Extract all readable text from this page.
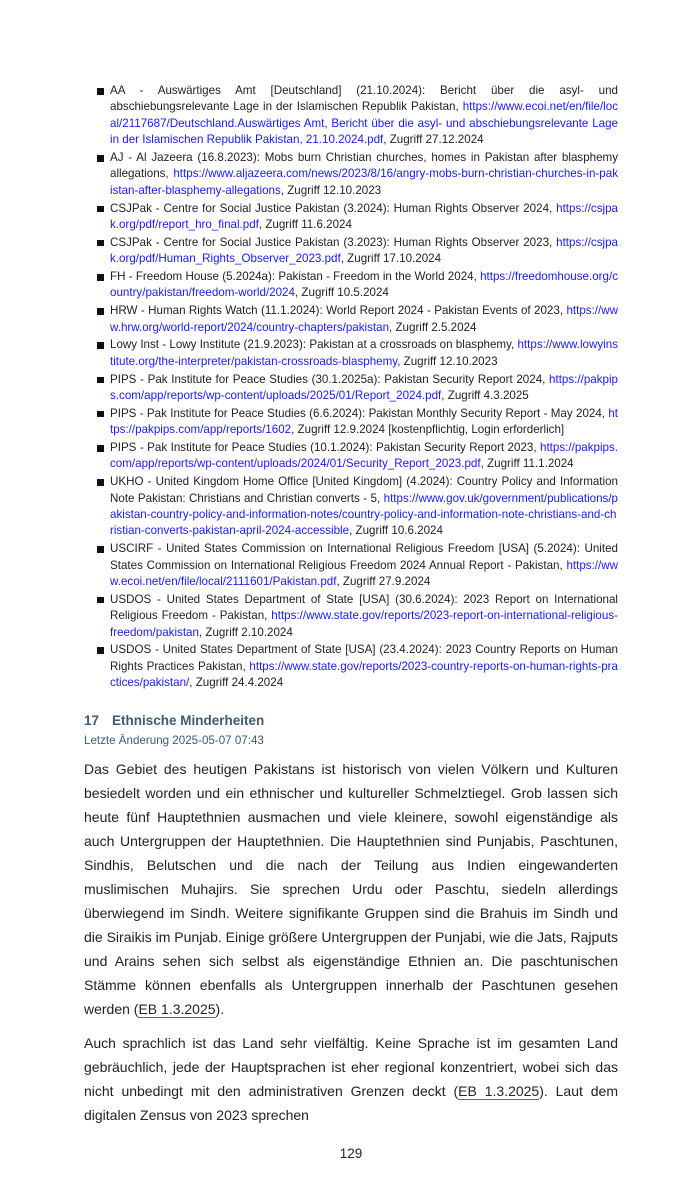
AA - Auswärtiges Amt [Deutschland] (21.10.2024): Bericht über die asyl- und abschiebungsrelevante Lage in der Islamischen Republik Pakistan, https://www.ecoi.net/en/file/local/2117687/Deutschland.Auswärtiges Amt, Bericht über die asyl- und abschiebungsrelevante Lage in der Islamischen Republik Pakistan, 21.10.2024.pdf, Zugriff 27.12.2024
AJ - Al Jazeera (16.8.2023): Mobs burn Christian churches, homes in Pakistan after blasphemy allegations, https://www.aljazeera.com/news/2023/8/16/angry-mobs-burn-christian-churches-in-pakistan-after-blasphemy-allegations, Zugriff 12.10.2023
CSJPak - Centre for Social Justice Pakistan (3.2024): Human Rights Observer 2024, https://csjpak.org/pdf/report_hro_final.pdf, Zugriff 11.6.2024
CSJPak - Centre for Social Justice Pakistan (3.2023): Human Rights Observer 2023, https://csjpak.org/pdf/Human_Rights_Observer_2023.pdf, Zugriff 17.10.2024
FH - Freedom House (5.2024a): Pakistan - Freedom in the World 2024, https://freedomhouse.org/country/pakistan/freedom-world/2024, Zugriff 10.5.2024
HRW - Human Rights Watch (11.1.2024): World Report 2024 - Pakistan Events of 2023, https://www.hrw.org/world-report/2024/country-chapters/pakistan, Zugriff 2.5.2024
Lowy Inst - Lowy Institute (21.9.2023): Pakistan at a crossroads on blasphemy, https://www.lowyinstitute.org/the-interpreter/pakistan-crossroads-blasphemy, Zugriff 12.10.2023
PIPS - Pak Institute for Peace Studies (30.1.2025a): Pakistan Security Report 2024, https://pakpips.com/app/reports/wp-content/uploads/2025/01/Report_2024.pdf, Zugriff 4.3.2025
PIPS - Pak Institute for Peace Studies (6.6.2024): Pakistan Monthly Security Report - May 2024, https://pakpips.com/app/reports/1602, Zugriff 12.9.2024 [kostenpflichtig, Login erforderlich]
PIPS - Pak Institute for Peace Studies (10.1.2024): Pakistan Security Report 2023, https://pakpips.com/app/reports/wp-content/uploads/2024/01/Security_Report_2023.pdf, Zugriff 11.1.2024
UKHO - United Kingdom Home Office [United Kingdom] (4.2024): Country Policy and Information Note Pakistan: Christians and Christian converts - 5, https://www.gov.uk/government/publications/pakistan-country-policy-and-information-notes/country-policy-and-information-note-christians-and-christian-converts-pakistan-april-2024-accessible, Zugriff 10.6.2024
USCIRF - United States Commission on International Religious Freedom [USA] (5.2024): United States Commission on International Religious Freedom 2024 Annual Report - Pakistan, https://www.ecoi.net/en/file/local/2111601/Pakistan.pdf, Zugriff 27.9.2024
USDOS - United States Department of State [USA] (30.6.2024): 2023 Report on International Religious Freedom - Pakistan, https://www.state.gov/reports/2023-report-on-international-religious-freedom/pakistan, Zugriff 2.10.2024
USDOS - United States Department of State [USA] (23.4.2024): 2023 Country Reports on Human Rights Practices Pakistan, https://www.state.gov/reports/2023-country-reports-on-human-rights-practices/pakistan/, Zugriff 24.4.2024
17 Ethnische Minderheiten
Letzte Änderung 2025-05-07 07:43

Das Gebiet des heutigen Pakistans ist historisch von vielen Völkern und Kulturen besiedelt worden und ein ethnischer und kultureller Schmelztiegel. Grob lassen sich heute fünf Hauptethnien ausmachen und viele kleinere, sowohl eigenständige als auch Untergruppen der Hauptethnien. Die Hauptethnien sind Punjabis, Paschtunen, Sindhis, Belutschen und die nach der Teilung aus Indien eingewanderten muslimischen Muhajirs. Sie sprechen Urdu oder Paschtu, siedeln allerdings überwiegend im Sindh. Weitere signifikante Gruppen sind die Brahuis im Sindh und die Siraikis im Punjab. Einige größere Untergruppen der Punjabi, wie die Jats, Rajputs und Arains sehen sich selbst als eigenständige Ethnien an. Die paschtunischen Stämme können ebenfalls als Untergruppen innerhalb der Paschtunen gesehen werden (EB 1.3.2025).

Auch sprachlich ist das Land sehr vielfältig. Keine Sprache ist im gesamten Land gebräuchlich, jede der Hauptsprachen ist eher regional konzentriert, wobei sich das nicht unbedingt mit den administrativen Grenzen deckt (EB 1.3.2025). Laut dem digitalen Zensus von 2023 sprechen

129
